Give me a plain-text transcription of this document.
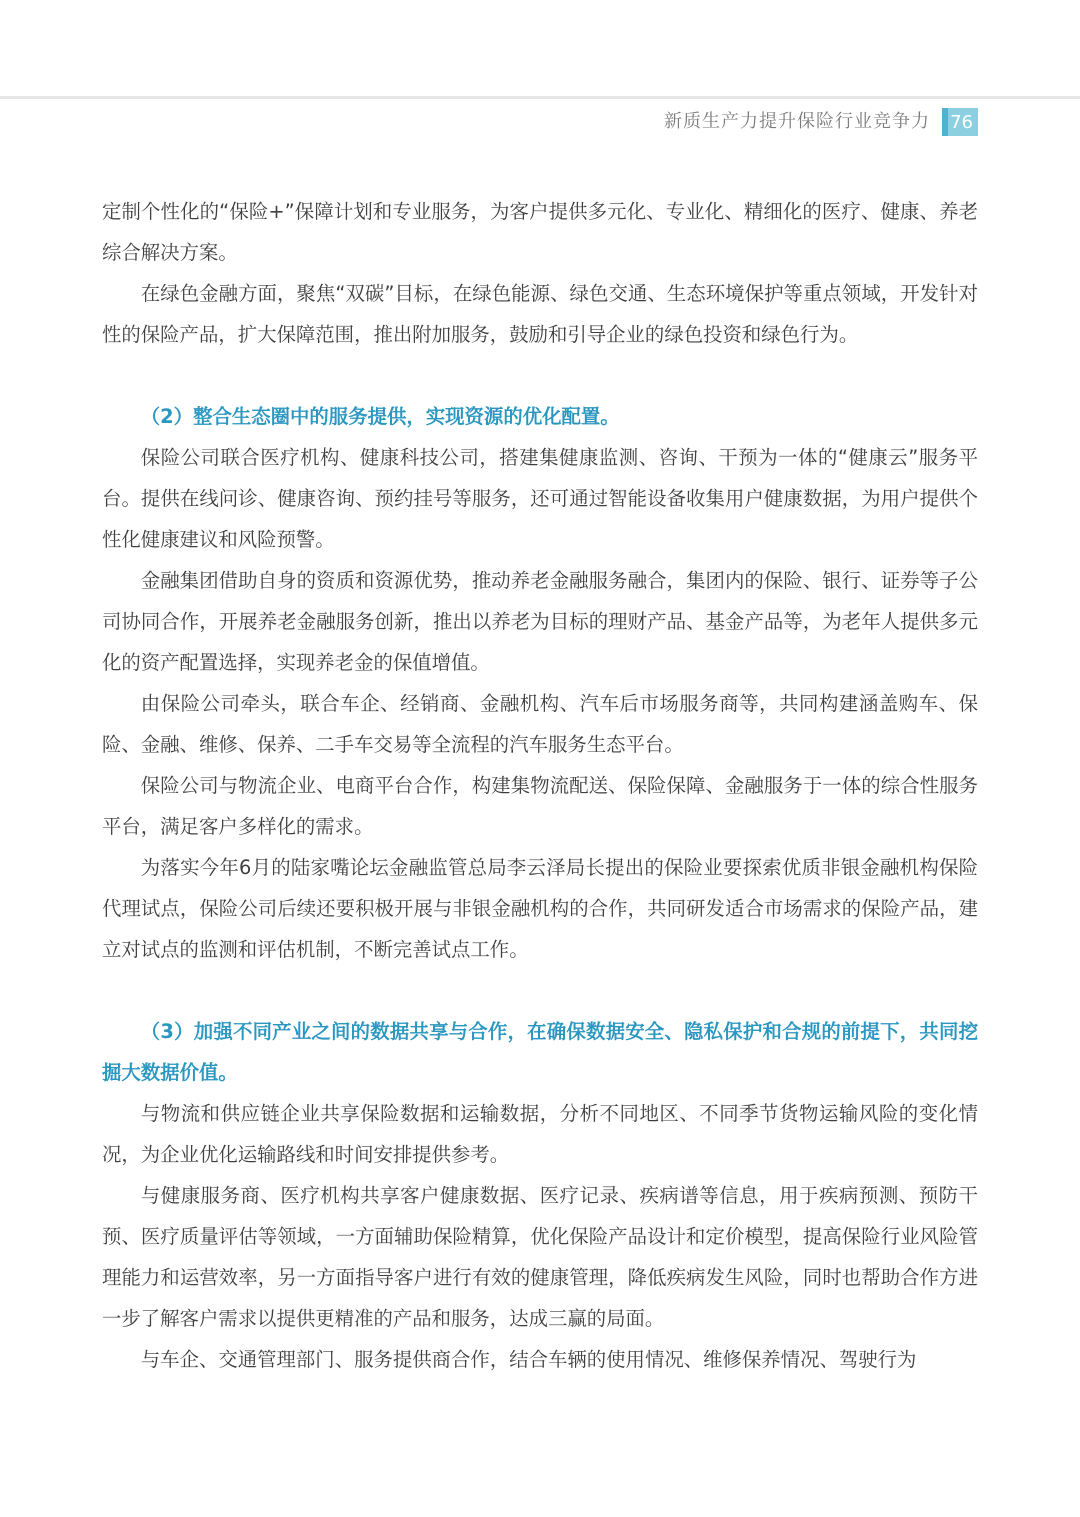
新质生产力提升保险行业竞争力 76

定制个性化的“保险+”保障计划和专业服务，为客户提供多元化、专业化、精细化的医疗、健康、养老综合解决方案。

在绿色金融方面，聚焦“双碳”目标，在绿色能源、绿色交通、生态环境保护等重点领域，开发针对性的保险产品，扩大保障范围，推出附加服务，鼓励和引导企业的绿色投资和绿色行为。

（2）整合生态圈中的服务提供，实现资源的优化配置。

保险公司联合医疗机构、健康科技公司，搭建集健康监测、咨询、干预为一体的“健康云”服务平台。提供在线问诊、健康咨询、预约挂号等服务，还可通过智能设备收集用户健康数据，为用户提供个性化健康建议和风险预警。

金融集团借助自身的资质和资源优势，推动养老金融服务融合，集团内的保险、银行、证券等子公司协同合作，开展养老金融服务创新，推出以养老为目标的理财产品、基金产品等，为老年人提供多元化的资产配置选择，实现养老金的保值增值。

由保险公司牵头，联合车企、经销商、金融机构、汽车后市场服务商等，共同构建涵盖购车、保险、金融、维修、保养、二手车交易等全流程的汽车服务生态平台。

保险公司与物流企业、电商平台合作，构建集物流配送、保险保障、金融服务于一体的综合性服务平台，满足客户多样化的需求。

为落实今年6月的陆家嘴论坛金融监管总局李云泽局长提出的保险业要探索优质非银金融机构保险代理试点，保险公司后续还要积极开展与非银金融机构的合作，共同研发适合市场需求的保险产品，建立对试点的监测和评估机制，不断完善试点工作。

（3）加强不同产业之间的数据共享与合作，在确保数据安全、隐私保护和合规的前提下，共同挖掘大数据价值。

与物流和供应链企业共享保险数据和运输数据，分析不同地区、不同季节货物运输风险的变化情况，为企业优化运输路线和时间安排提供参考。

与健康服务商、医疗机构共享客户健康数据、医疗记录、疾病谱等信息，用于疾病预测、预防干预、医疗质量评估等领域，一方面辅助保险精算，优化保险产品设计和定价模型，提高保险行业风险管理能力和运营效率，另一方面指导客户进行有效的健康管理，降低疾病发生风险，同时也帮助合作方进一步了解客户需求以提供更精准的产品和服务，达成三赢的局面。

与车企、交通管理部门、服务提供商合作，结合车辆的使用情况、维修保养情况、驾驶行为
